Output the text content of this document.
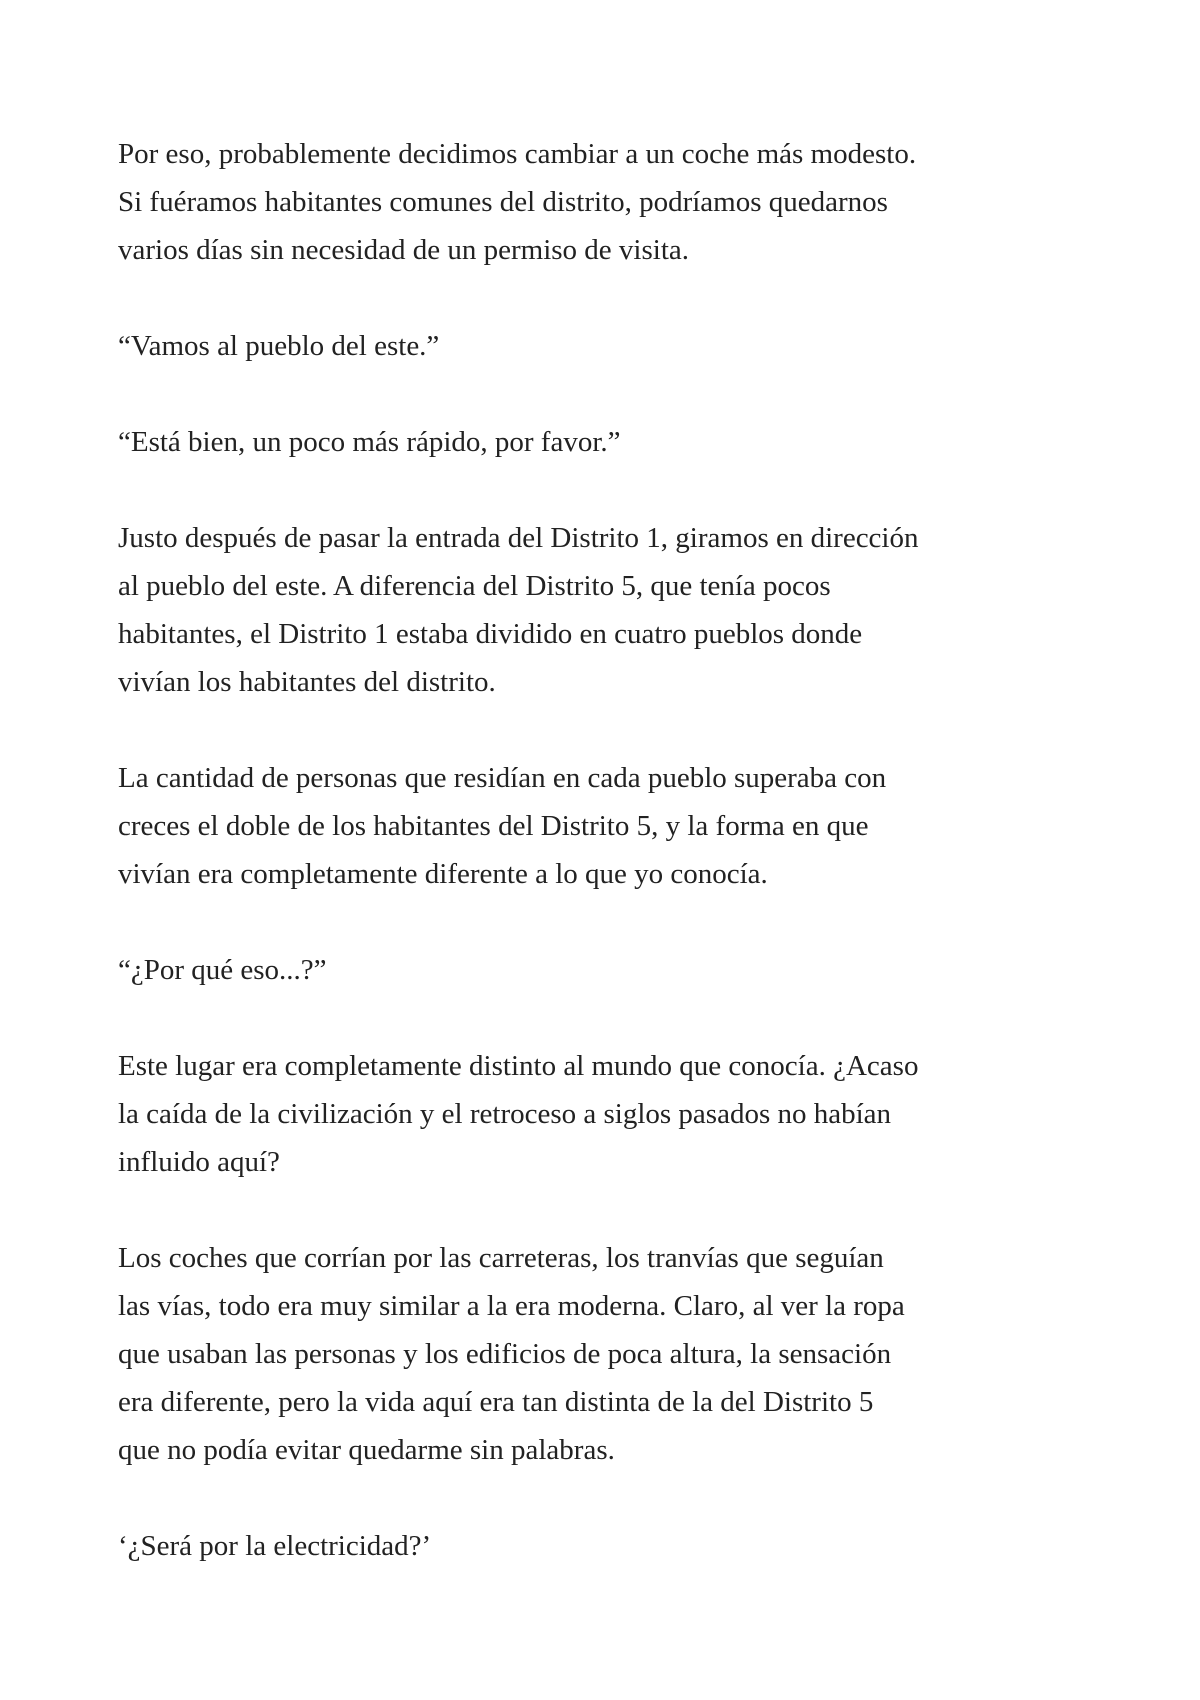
Por eso, probablemente decidimos cambiar a un coche más modesto.
Si fuéramos habitantes comunes del distrito, podríamos quedarnos
varios días sin necesidad de un permiso de visita.

“Vamos al pueblo del este.”

“Está bien, un poco más rápido, por favor.”

Justo después de pasar la entrada del Distrito 1, giramos en dirección
al pueblo del este. A diferencia del Distrito 5, que tenía pocos
habitantes, el Distrito 1 estaba dividido en cuatro pueblos donde
vivían los habitantes del distrito.

La cantidad de personas que residían en cada pueblo superaba con
creces el doble de los habitantes del Distrito 5, y la forma en que
vivían era completamente diferente a lo que yo conocía.

“¿Por qué eso...?”

Este lugar era completamente distinto al mundo que conocía. ¿Acaso
la caída de la civilización y el retroceso a siglos pasados no habían
influido aquí?

Los coches que corrían por las carreteras, los tranvías que seguían
las vías, todo era muy similar a la era moderna. Claro, al ver la ropa
que usaban las personas y los edificios de poca altura, la sensación
era diferente, pero la vida aquí era tan distinta de la del Distrito 5
que no podía evitar quedarme sin palabras.

‘¿Será por la electricidad?’
